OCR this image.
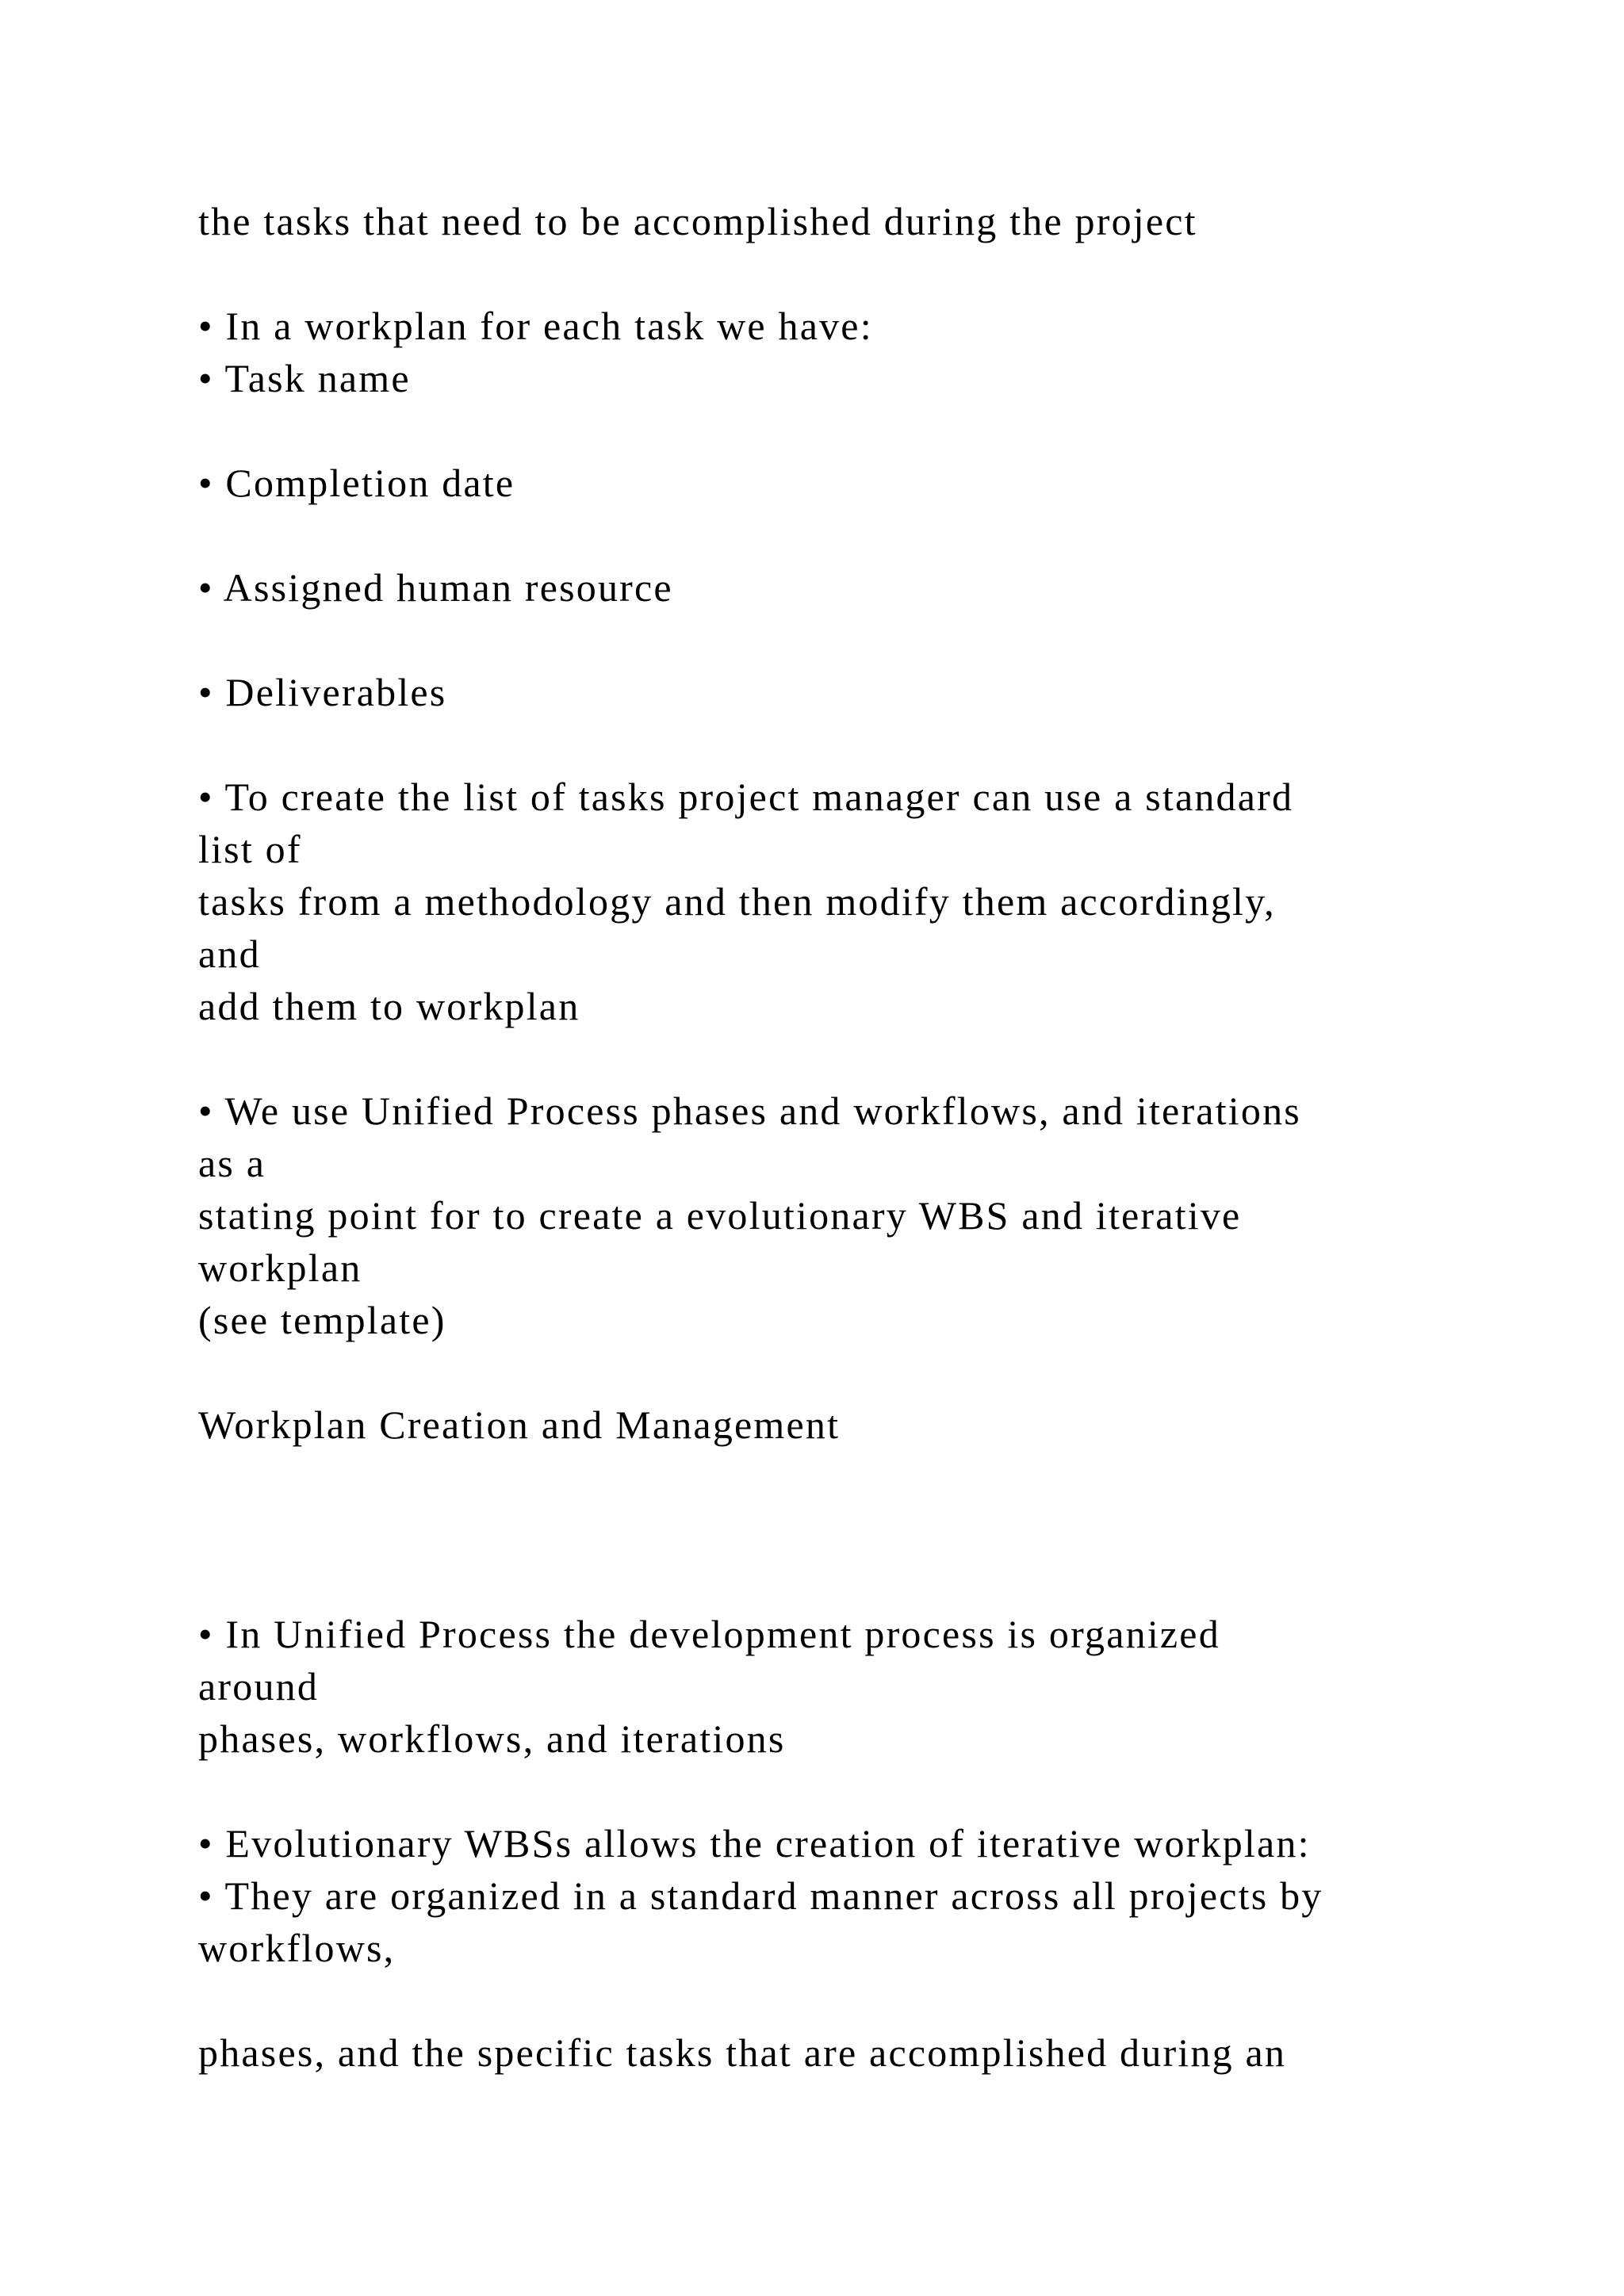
the tasks that need to be accomplished during the project

• In a workplan for each task we have:

• Task name

• Completion date

• Assigned human resource

• Deliverables

• To create the list of tasks project manager can use a standard

list of

tasks from a methodology and then modify them accordingly,

and

add them to workplan

• We use Unified Process phases and workflows, and iterations

as a

stating point for to create a evolutionary WBS and iterative

workplan

(see template)

Workplan Creation and Management

• In Unified Process the development process is organized

around

phases, workflows, and iterations

• Evolutionary WBSs allows the creation of iterative workplan:

• They are organized in a standard manner across all projects by

workflows,

phases, and the specific tasks that are accomplished during an
